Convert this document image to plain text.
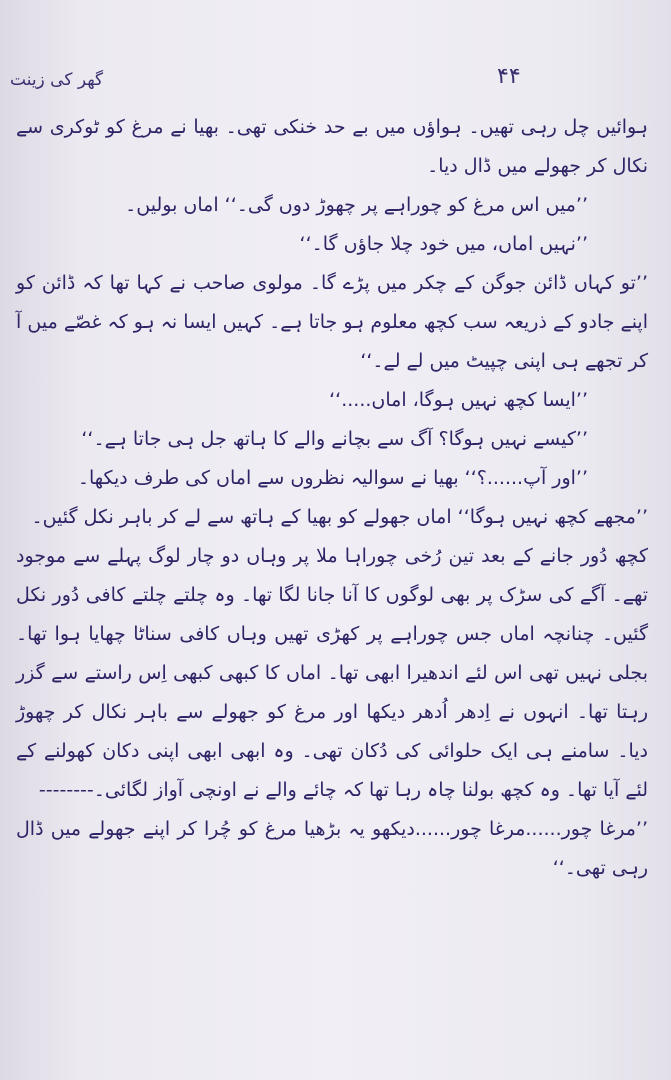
۴۴
گھر کی زینت

ہوائیں چل رہی تھیں۔ ہواؤں میں بے حد خنکی تھی۔ بھیا نے مرغ کو ٹوکری سے نکال کر جھولے میں ڈال دیا۔

’’میں اس مرغ کو چوراہے پر چھوڑ دوں گی۔‘‘ اماں بولیں۔

’’نہیں اماں، میں خود چلا جاؤں گا۔‘‘

’’تو کہاں ڈائن جوگن کے چکر میں پڑے گا۔ مولوی صاحب نے کہا تھا کہ ڈائن کو اپنے جادو کے ذریعہ سب کچھ معلوم ہو جاتا ہے۔ کہیں ایسا نہ ہو کہ غصّے میں آ کر تجھے ہی اپنی چپیٹ میں لے لے۔‘‘

’’ایسا کچھ نہیں ہوگا، اماں.....‘‘

’’کیسے نہیں ہوگا؟ آگ سے بچانے والے کا ہاتھ جل ہی جاتا ہے۔‘‘

’’اور آپ......؟‘‘ بھیا نے سوالیہ نظروں سے اماں کی طرف دیکھا۔

’’مجھے کچھ نہیں ہوگا‘‘ اماں جھولے کو بھیا کے ہاتھ سے لے کر باہر نکل گئیں۔

کچھ دُور جانے کے بعد تین رُخی چوراہا ملا پر وہاں دو چار لوگ پہلے سے موجود تھے۔ آگے کی سڑک پر بھی لوگوں کا آنا جانا لگا تھا۔ وہ چلتے چلتے کافی دُور نکل گئیں۔ چنانچہ اماں جس چوراہے پر کھڑی تھیں وہاں کافی سناٹا چھایا ہوا تھا۔ بجلی نہیں تھی اس لئے اندھیرا ابھی تھا۔ اماں کا کبھی کبھی اِس راستے سے گزر رہتا تھا۔ انہوں نے اِدھر اُدھر دیکھا اور مرغ کو جھولے سے باہر نکال کر چھوڑ دیا۔ سامنے ہی ایک حلوائی کی دُکان تھی۔ وہ ابھی ابھی اپنی دکان کھولنے کے لئے آیا تھا۔ وہ کچھ بولنا چاہ رہا تھا کہ چائے والے نے اونچی آواز لگائی۔--------

’’مرغا چور......مرغا چور......دیکھو یہ بڑھیا مرغ کو چُرا کر اپنے جھولے میں ڈال رہی تھی۔‘‘
